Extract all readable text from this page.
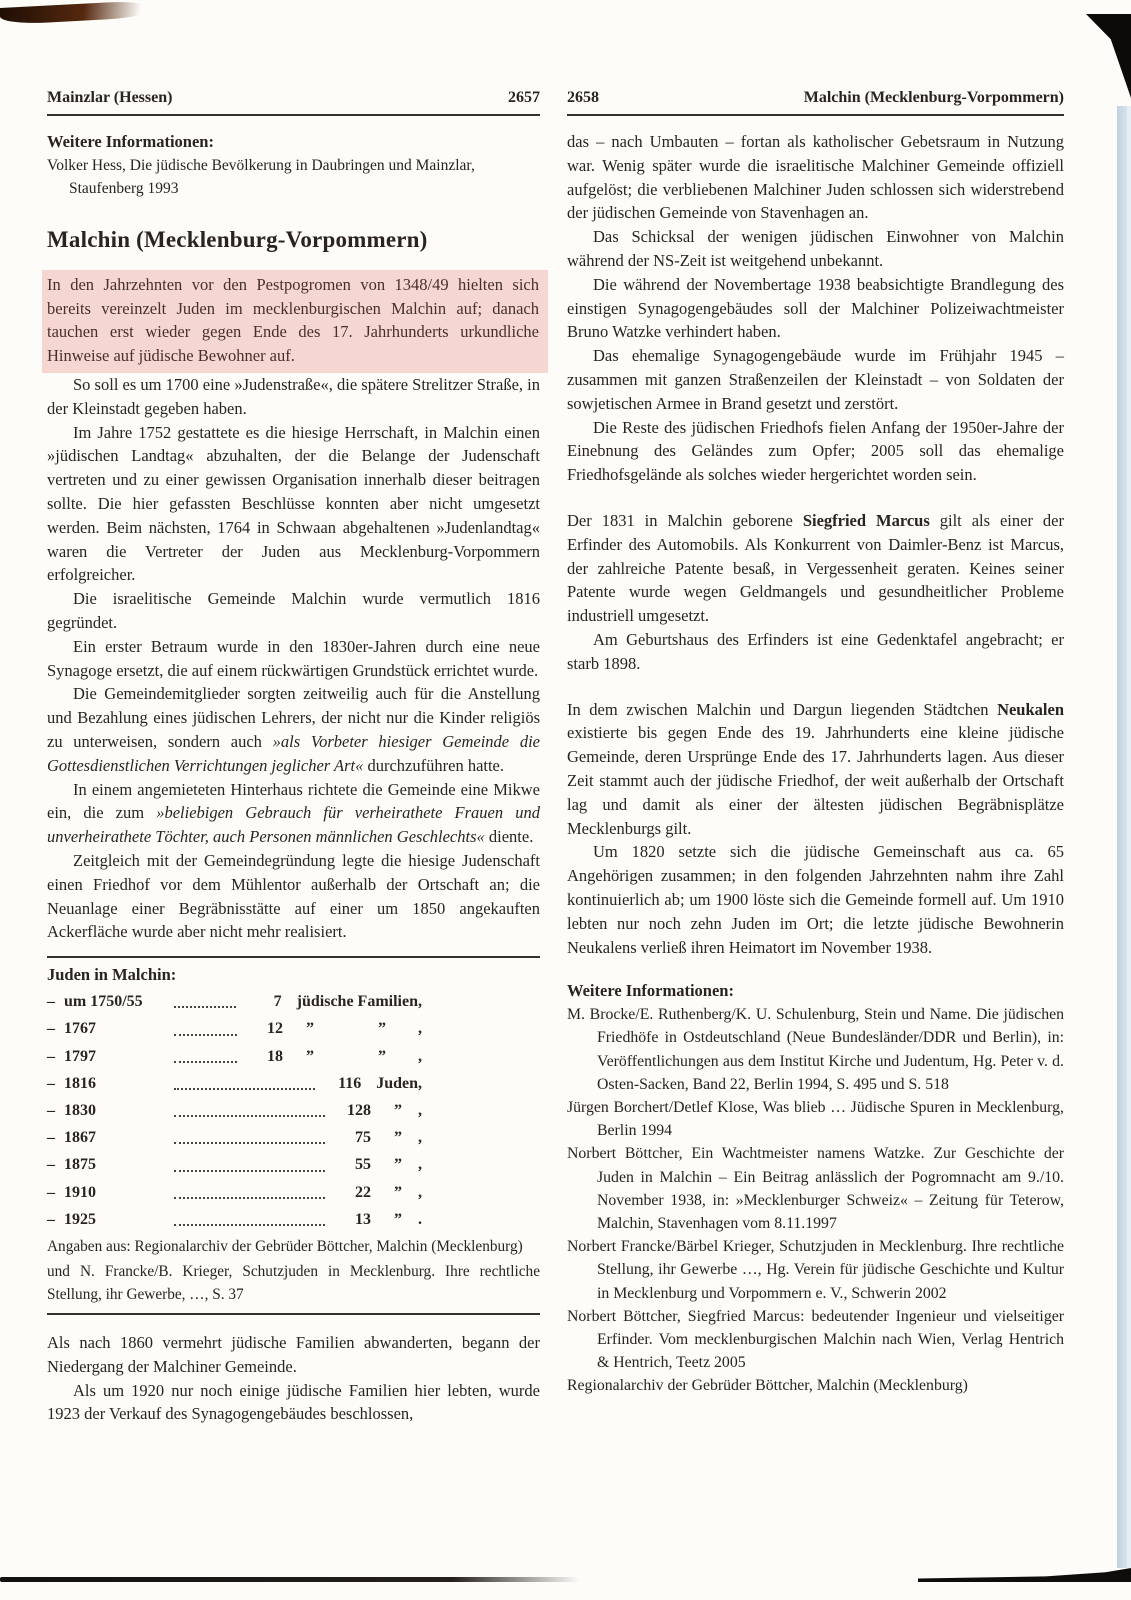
Mainzlar (Hessen)	2657 2658	Malchin (Mecklenburg-Vorpommern)

Weitere Informationen:

Volker Hess, Die jüdische Bevölkerung in Daubringen und Mainzlar, Staufenberg 1993

Malchin (Mecklenburg-Vorpommern)
In den Jahrzehnten vor den Pestpogromen von 1348/49 hielten sich bereits vereinzelt Juden im mecklenburgischen Malchin auf; danach tauchen erst wieder gegen Ende des 17. Jahrhunderts urkundliche Hinweise auf jüdische Bewohner auf.

So soll es um 1700 eine »Judenstraße«, die spätere Strelitzer Straße, in der Kleinstadt gegeben haben.

Im Jahre 1752 gestattete es die hiesige Herrschaft, in Malchin einen »jüdischen Landtag« abzuhalten, der die Belange der Judenschaft vertreten und zu einer gewissen Organisation innerhalb dieser beitragen sollte. Die hier gefassten Beschlüsse konnten aber nicht umgesetzt werden. Beim nächsten, 1764 in Schwaan abgehaltenen »Judenlandtag« waren die Vertreter der Juden aus Mecklenburg-Vorpommern erfolgreicher.

Die israelitische Gemeinde Malchin wurde vermutlich 1816 gegründet.

Ein erster Betraum wurde in den 1830er-Jahren durch eine neue Synagoge ersetzt, die auf einem rückwärtigen Grundstück errichtet wurde.

Die Gemeindemitglieder sorgten zeitweilig auch für die Anstellung und Bezahlung eines jüdischen Lehrers, der nicht nur die Kinder religiös zu unterweisen, sondern auch »als Vorbeter hiesiger Gemeinde die Gottesdienstlichen Verrichtungen jeglicher Art« durchzuführen hatte.

In einem angemieteten Hinterhaus richtete die Gemeinde eine Mikwe ein, die zum »beliebigen Gebrauch für verheirathete Frauen und unverheirathete Töchter, auch Personen männlichen Geschlechts« diente.

Zeitgleich mit der Gemeindegründung legte die hiesige Judenschaft einen Friedhof vor dem Mühlentor außerhalb der Ortschaft an; die Neuanlage einer Begräbnisstätte auf einer um 1850 angekauften Ackerfläche wurde aber nicht mehr realisiert.

Juden in Malchin:
– um 1750/55	7 jüdische Familien,
– 1767	12 ”                ”        ,
– 1797	18 ”                ”        ,
– 1816	116 Juden,
– 1830	128 ”    ,
– 1867	75 ”    ,
– 1875	55 ”    ,
– 1910	22 ”    ,
– 1925	13 ”    .

Angaben aus: Regionalarchiv der Gebrüder Böttcher, Malchin (Mecklenburg)

und N. Francke/B. Krieger, Schutzjuden in Mecklenburg. Ihre rechtliche Stellung, ihr Gewerbe, …, S. 37

Als nach 1860 vermehrt jüdische Familien abwanderten, begann der Niedergang der Malchiner Gemeinde.

Als um 1920 nur noch einige jüdische Familien hier lebten, wurde 1923 der Verkauf des Synagogengebäudes beschlossen,

das – nach Umbauten – fortan als katholischer Gebetsraum in Nutzung war. Wenig später wurde die israelitische Malchiner Gemeinde offiziell aufgelöst; die verbliebenen Malchiner Juden schlossen sich widerstrebend der jüdischen Gemeinde von Stavenhagen an.

Das Schicksal der wenigen jüdischen Einwohner von Malchin während der NS-Zeit ist weitgehend unbekannt.

Die während der Novembertage 1938 beabsichtigte Brandlegung des einstigen Synagogengebäudes soll der Malchiner Polizeiwachtmeister Bruno Watzke verhindert haben.

Das ehemalige Synagogengebäude wurde im Frühjahr 1945 – zusammen mit ganzen Straßenzeilen der Kleinstadt – von Soldaten der sowjetischen Armee in Brand gesetzt und zerstört.

Die Reste des jüdischen Friedhofs fielen Anfang der 1950er-Jahre der Einebnung des Geländes zum Opfer; 2005 soll das ehemalige Friedhofsgelände als solches wieder hergerichtet worden sein.

Der 1831 in Malchin geborene Siegfried Marcus gilt als einer der Erfinder des Automobils. Als Konkurrent von Daimler-Benz ist Marcus, der zahlreiche Patente besaß, in Vergessenheit geraten. Keines seiner Patente wurde wegen Geldmangels und gesundheitlicher Probleme industriell umgesetzt.

Am Geburtshaus des Erfinders ist eine Gedenktafel angebracht; er starb 1898.

In dem zwischen Malchin und Dargun liegenden Städtchen Neukalen existierte bis gegen Ende des 19. Jahrhunderts eine kleine jüdische Gemeinde, deren Ursprünge Ende des 17. Jahrhunderts lagen. Aus dieser Zeit stammt auch der jüdische Friedhof, der weit außerhalb der Ortschaft lag und damit als einer der ältesten jüdischen Begräbnisplätze Mecklenburgs gilt.

Um 1820 setzte sich die jüdische Gemeinschaft aus ca. 65 Angehörigen zusammen; in den folgenden Jahrzehnten nahm ihre Zahl kontinuierlich ab; um 1900 löste sich die Gemeinde formell auf. Um 1910 lebten nur noch zehn Juden im Ort; die letzte jüdische Bewohnerin Neukalens verließ ihren Heimatort im November 1938.

Weitere Informationen:

M. Brocke/E. Ruthenberg/K. U. Schulenburg, Stein und Name. Die jüdischen Friedhöfe in Ostdeutschland (Neue Bundesländer/DDR und Berlin), in: Veröffentlichungen aus dem Institut Kirche und Judentum, Hg. Peter v. d. Osten-Sacken, Band 22, Berlin 1994, S. 495 und S. 518

Jürgen Borchert/Detlef Klose, Was blieb … Jüdische Spuren in Mecklenburg, Berlin 1994

Norbert Böttcher, Ein Wachtmeister namens Watzke. Zur Geschichte der Juden in Malchin – Ein Beitrag anlässlich der Pogromnacht am 9./10. November 1938, in: »Mecklenburger Schweiz« – Zeitung für Teterow, Malchin, Stavenhagen vom 8.11.1997

Norbert Francke/Bärbel Krieger, Schutzjuden in Mecklenburg. Ihre rechtliche Stellung, ihr Gewerbe …, Hg. Verein für jüdische Geschichte und Kultur in Mecklenburg und Vorpommern e. V., Schwerin 2002

Norbert Böttcher, Siegfried Marcus: bedeutender Ingenieur und vielseitiger Erfinder. Vom mecklenburgischen Malchin nach Wien, Verlag Hentrich & Hentrich, Teetz 2005

Regionalarchiv der Gebrüder Böttcher, Malchin (Mecklenburg)
